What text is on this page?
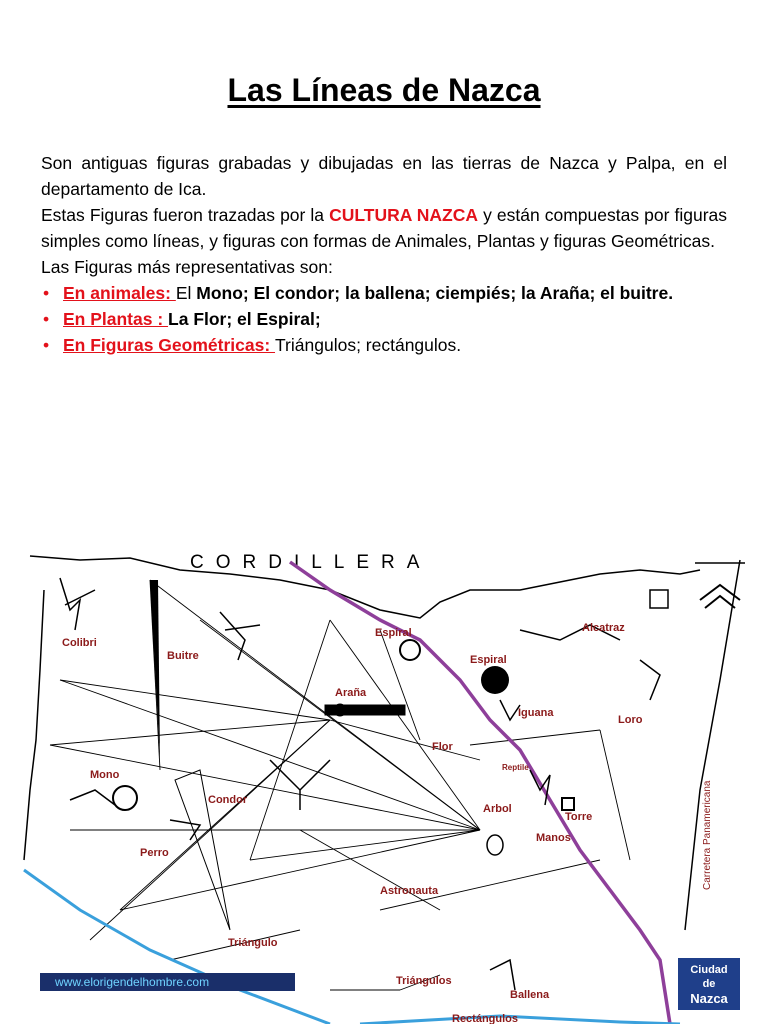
Las Líneas de Nazca

Son antiguas figuras grabadas y dibujadas en las tierras de Nazca y Palpa, en el departamento de Ica.

Estas Figuras fueron trazadas por la CULTURA NAZCA y están compuestas por figuras simples como líneas, y figuras con formas de Animales, Plantas y figuras Geométricas.

Las Figuras más representativas son:

• En animales: El Mono; El condor; la ballena; ciempiés; la Araña; el buitre.
• En Plantas : La Flor; el Espiral;
• En Figuras Geométricas: Triángulos; rectángulos.
CORDILLERA
Colibri
Buitre
Espiral
Espiral
Alcatraz
Araña
Iguana
Loro
Flor
Reptile
Mono
Condor
Arbol
Torre
Manos
Perro
Astronauta
Triángulo
Triángulos
Ballena
Rectángulos
Carretera Panamericana
www.elorigendelhombre.com
Ciudad
de
Nazca
